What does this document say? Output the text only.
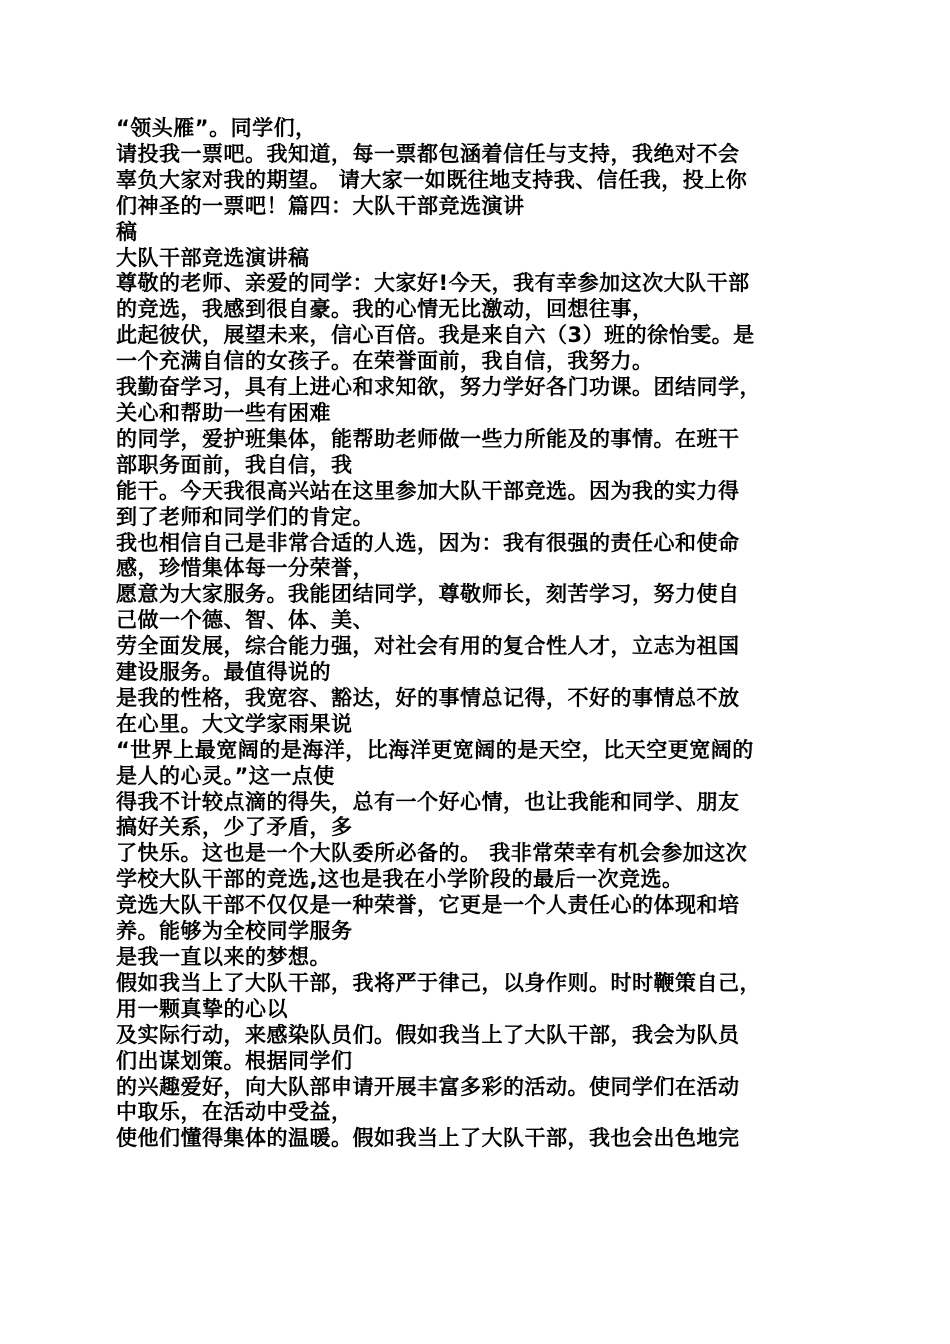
“领头雁”。同学们，
请投我一票吧。我知道，每一票都包涵着信任与支持，我绝对不会
辜负大家对我的期望。 请大家一如既往地支持我、信任我，投上你
们神圣的一票吧！篇四：大队干部竞选演讲
稿
大队干部竞选演讲稿
尊敬的老师、亲爱的同学：大家好!今天，我有幸参加这次大队干部
的竞选，我感到很自豪。我的心情无比激动，回想往事，
此起彼伏，展望未来，信心百倍。我是来自六（3）班的徐怡雯。是
一个充满自信的女孩子。在荣誉面前，我自信，我努力。
我勤奋学习，具有上进心和求知欲，努力学好各门功课。团结同学，
关心和帮助一些有困难
的同学，爱护班集体，能帮助老师做一些力所能及的事情。在班干
部职务面前，我自信，我
能干。今天我很高兴站在这里参加大队干部竞选。因为我的实力得
到了老师和同学们的肯定。
我也相信自己是非常合适的人选，因为：我有很强的责任心和使命
感，珍惜集体每一分荣誉，
愿意为大家服务。我能团结同学，尊敬师长，刻苦学习，努力使自
己做一个德、智、体、美、
劳全面发展，综合能力强，对社会有用的复合性人才，立志为祖国
建设服务。最值得说的
是我的性格，我宽容、豁达，好的事情总记得，不好的事情总不放
在心里。大文学家雨果说
“世界上最宽阔的是海洋，比海洋更宽阔的是天空，比天空更宽阔的
是人的心灵。”这一点使
得我不计较点滴的得失，总有一个好心情，也让我能和同学、朋友
搞好关系，少了矛盾，多
了快乐。这也是一个大队委所必备的。 我非常荣幸有机会参加这次
学校大队干部的竞选,这也是我在小学阶段的最后一次竞选。
竞选大队干部不仅仅是一种荣誉，它更是一个人责任心的体现和培
养。能够为全校同学服务
是我一直以来的梦想。
假如我当上了大队干部，我将严于律己，以身作则。时时鞭策自己，
用一颗真挚的心以
及实际行动，来感染队员们。假如我当上了大队干部，我会为队员
们出谋划策。根据同学们
的兴趣爱好，向大队部申请开展丰富多彩的活动。使同学们在活动
中取乐，在活动中受益，
使他们懂得集体的温暖。假如我当上了大队干部，我也会出色地完
